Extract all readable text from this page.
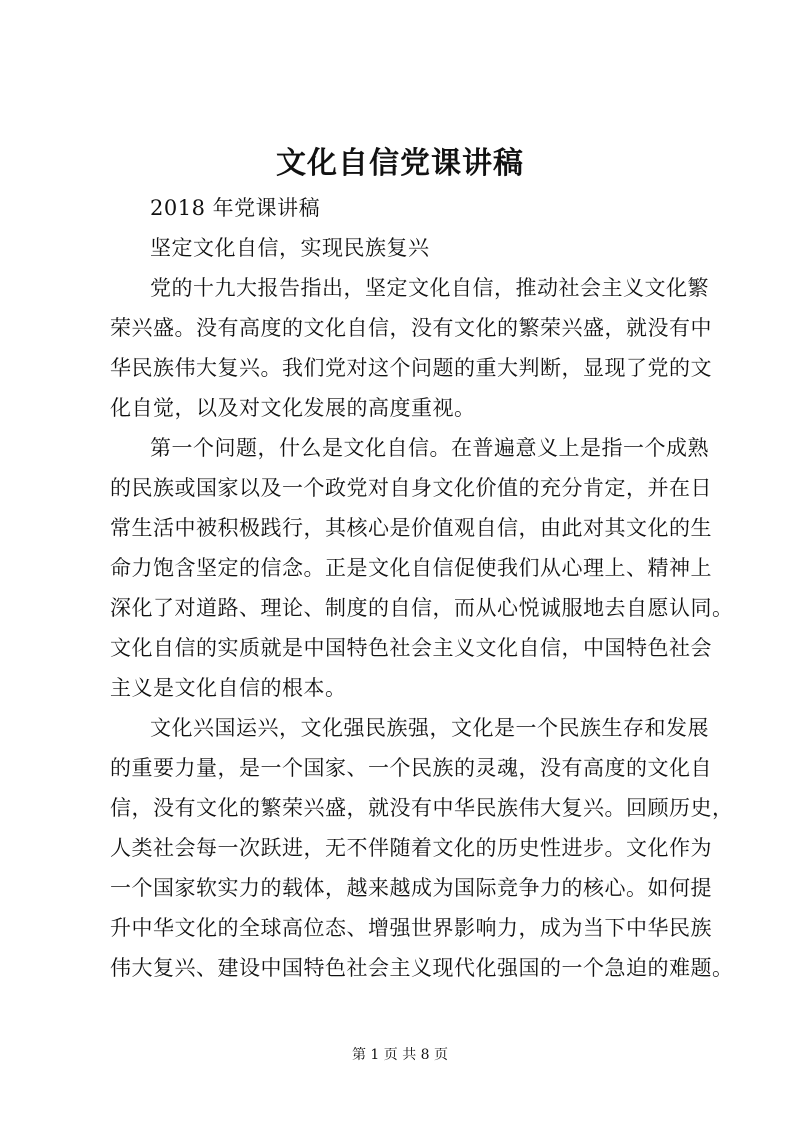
文化自信党课讲稿
2018 年党课讲稿
坚定文化自信，实现民族复兴
党的十九大报告指出，坚定文化自信，推动社会主义文化繁
荣兴盛。没有高度的文化自信，没有文化的繁荣兴盛，就没有中
华民族伟大复兴。我们党对这个问题的重大判断，显现了党的文
化自觉，以及对文化发展的高度重视。
第一个问题，什么是文化自信。在普遍意义上是指一个成熟
的民族或国家以及一个政党对自身文化价值的充分肯定，并在日
常生活中被积极践行，其核心是价值观自信，由此对其文化的生
命力饱含坚定的信念。正是文化自信促使我们从心理上、精神上
深化了对道路、理论、制度的自信，而从心悦诚服地去自愿认同。
文化自信的实质就是中国特色社会主义文化自信，中国特色社会
主义是文化自信的根本。
文化兴国运兴，文化强民族强，文化是一个民族生存和发展
的重要力量，是一个国家、一个民族的灵魂，没有高度的文化自
信，没有文化的繁荣兴盛，就没有中华民族伟大复兴。回顾历史，
人类社会每一次跃进，无不伴随着文化的历史性进步。文化作为
一个国家软实力的载体，越来越成为国际竞争力的核心。如何提
升中华文化的全球高位态、增强世界影响力，成为当下中华民族
伟大复兴、建设中国特色社会主义现代化强国的一个急迫的难题。
第 1 页 共 8 页
